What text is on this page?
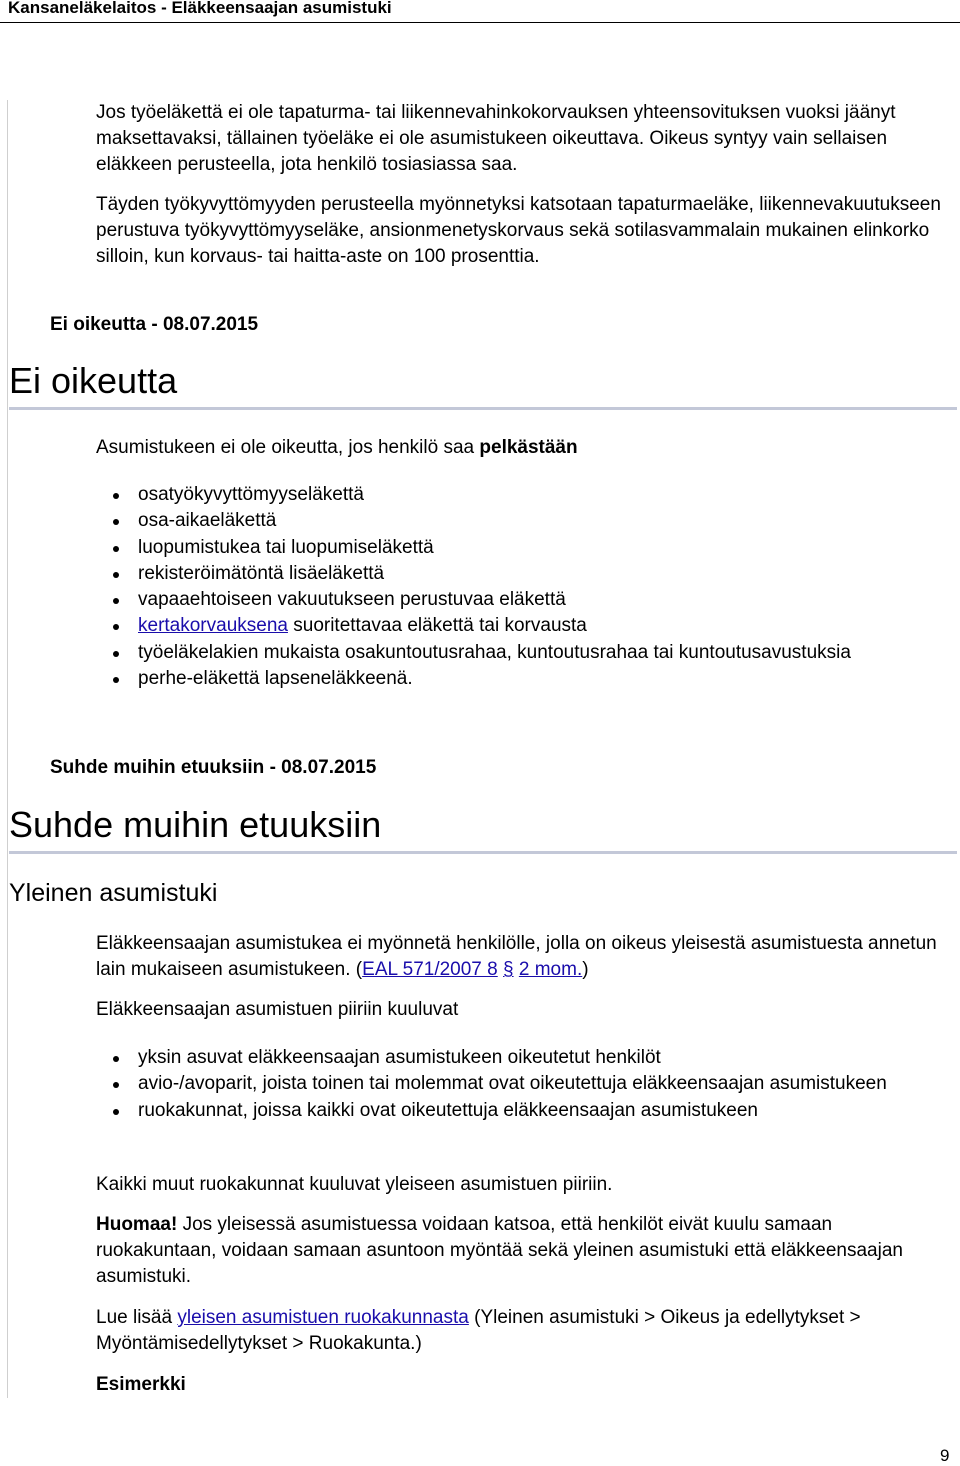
Kansaneläkelaitos - Eläkkeensaajan asumistuki
Jos työeläkettä ei ole tapaturma- tai liikennevahinkokorvauksen yhteensovituksen vuoksi jäänyt maksettavaksi, tällainen työeläke ei ole asumistukeen oikeuttava. Oikeus syntyy vain sellaisen eläkkeen perusteella, jota henkilö tosiasiassa saa.
Täyden työkyvyttömyyden perusteella myönnetyksi katsotaan tapaturmaeläke, liikennevakuutukseen perustuva työkyvyttömyyseläke, ansionmenetyskorvaus sekä sotilasvammalain mukainen elinkorko silloin, kun korvaus- tai haitta-aste on 100 prosenttia.
Ei oikeutta - 08.07.2015
Ei oikeutta
Asumistukeen ei ole oikeutta, jos henkilö saa pelkästään
osatyökyvyttömyyseläkettä
osa-aikaeläkettä
luopumistukea tai luopumiseläkettä
rekisteröimätöntä lisäeläkettä
vapaaehtoiseen vakuutukseen perustuvaa eläkettä
kertakorvauksena suoritettavaa eläkettä tai korvausta
työeläkelakien mukaista osakuntoutusrahaa, kuntoutusrahaa tai kuntoutusavustuksia
perhe-eläkettä lapseneläkkeenä.
Suhde muihin etuuksiin - 08.07.2015
Suhde muihin etuuksiin
Yleinen asumistuki
Eläkkeensaajan asumistukea ei myönnetä henkilölle, jolla on oikeus yleisestä asumistuesta annetun lain mukaiseen asumistukeen. (EAL 571/2007 8 § 2 mom.)
Eläkkeensaajan asumistuen piiriin kuuluvat
yksin asuvat eläkkeensaajan asumistukeen oikeutetut henkilöt
avio-/avoparit, joista toinen tai molemmat ovat oikeutettuja eläkkeensaajan asumistukeen
ruokakunnat, joissa kaikki ovat oikeutettuja eläkkeensaajan asumistukeen
Kaikki muut ruokakunnat kuuluvat yleiseen asumistuen piiriin.
Huomaa! Jos yleisessä asumistuessa voidaan katsoa, että henkilöt eivät kuulu samaan ruokakuntaan, voidaan samaan asuntoon myöntää sekä yleinen asumistuki että eläkkeensaajan asumistuki.
Lue lisää yleisen asumistuen ruokakunnasta (Yleinen asumistuki > Oikeus ja edellytykset > Myöntämisedellytykset > Ruokakunta.)
Esimerkki
9
